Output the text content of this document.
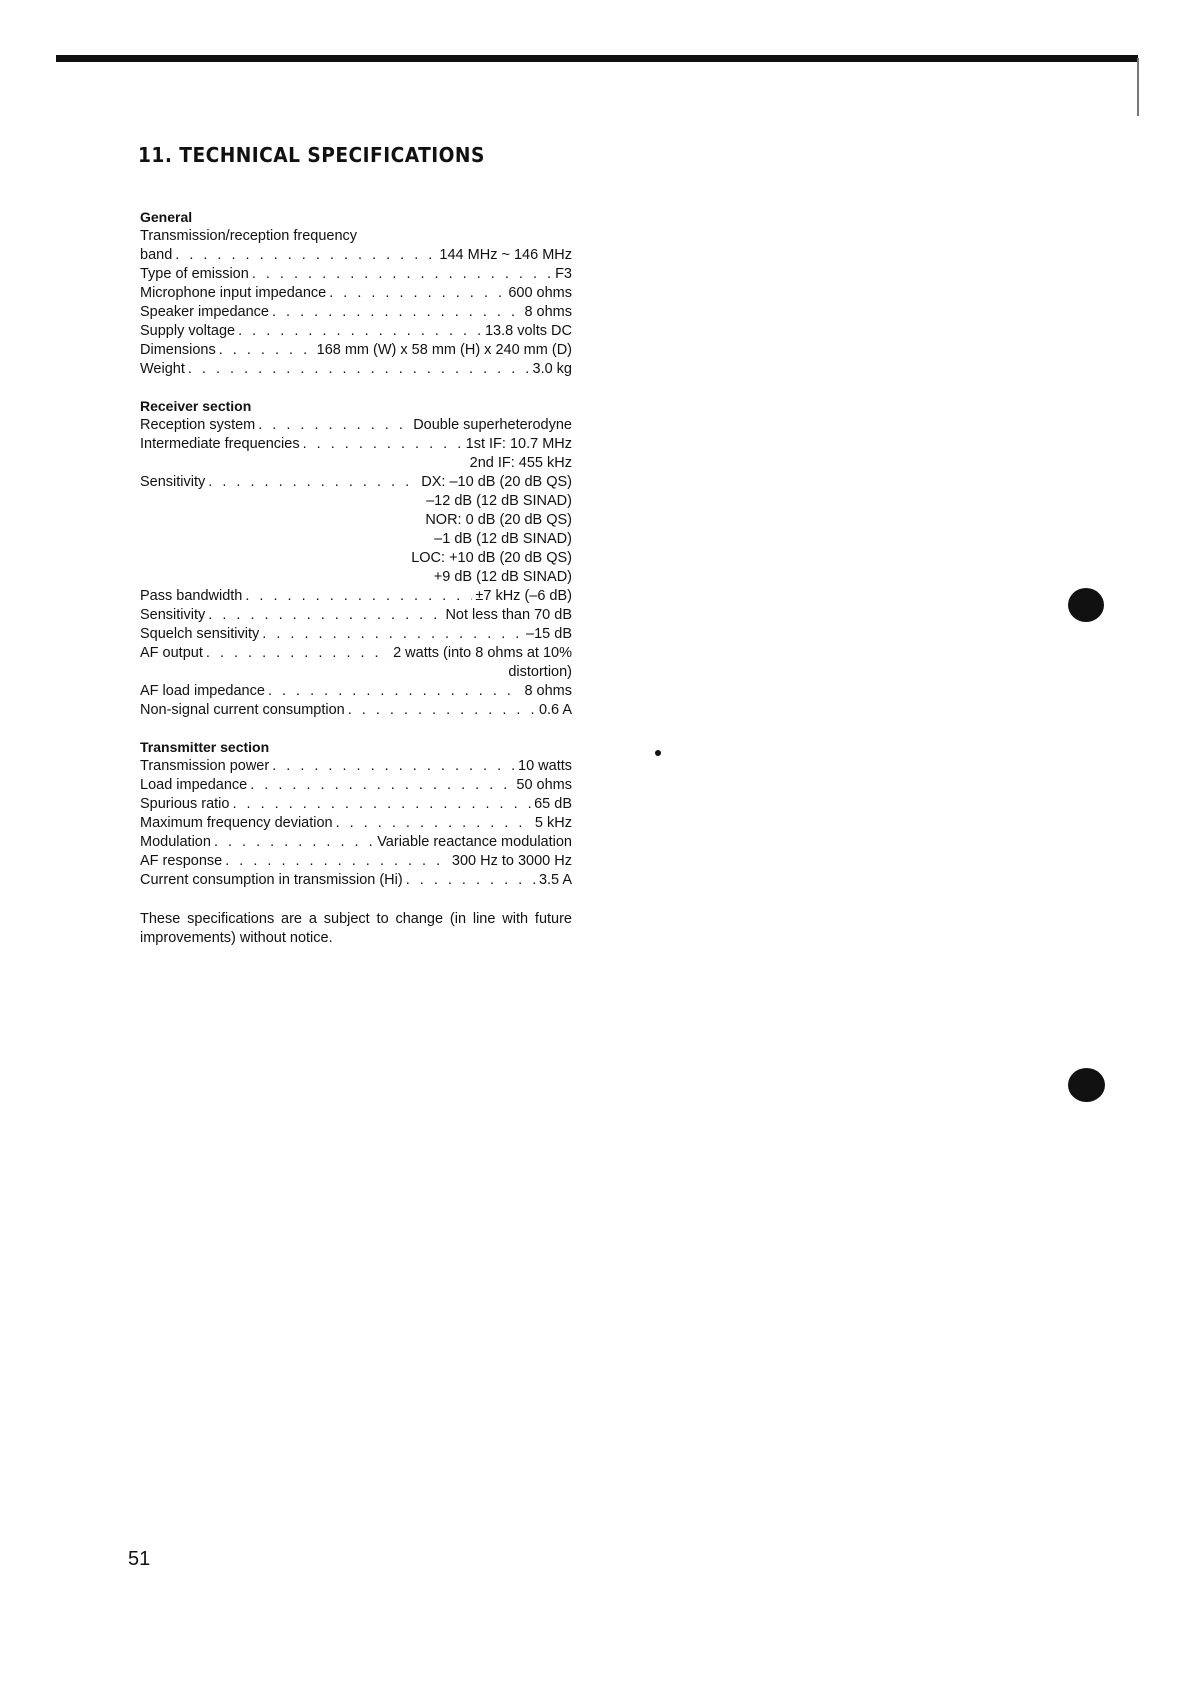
11. TECHNICAL SPECIFICATIONS
General
Transmission/reception frequency
band . . .	144 MHz ~ 146 MHz
Type of emission . . .	F3
Microphone input impedance . . .	600 ohms
Speaker impedance . . .	8 ohms
Supply voltage . . .	13.8 volts DC
Dimensions . . .	168 mm (W) x 58 mm (H) x 240 mm (D)
Weight . . .	3.0 kg
Receiver section
Reception system . . .	Double superheterodyne
Intermediate frequencies . . .	1st IF: 10.7 MHz
2nd IF: 455 kHz
Sensitivity . . .	DX: –10 dB (20 dB QS)
–12 dB (12 dB SINAD)
NOR: 0 dB (20 dB QS)
–1 dB (12 dB SINAD)
LOC: +10 dB (20 dB QS)
+9 dB (12 dB SINAD)
Pass bandwidth . . .	±7 kHz (–6 dB)
Sensitivity . . .	Not less than 70 dB
Squelch sensitivity . . .	–15 dB
AF output . . .	2 watts (into 8 ohms at 10%
distortion)
AF load impedance . . .	8 ohms
Non-signal current consumption . . .	0.6 A
Transmitter section
Transmission power . . .	10 watts
Load impedance . . .	50 ohms
Spurious ratio . . .	65 dB
Maximum frequency deviation . . .	5 kHz
Modulation . . .	Variable reactance modulation
AF response . . .	300 Hz to 3000 Hz
Current consumption in transmission (Hi) . . .	3.5 A
These specifications are a subject to change (in line with future improvements) without notice.
51
